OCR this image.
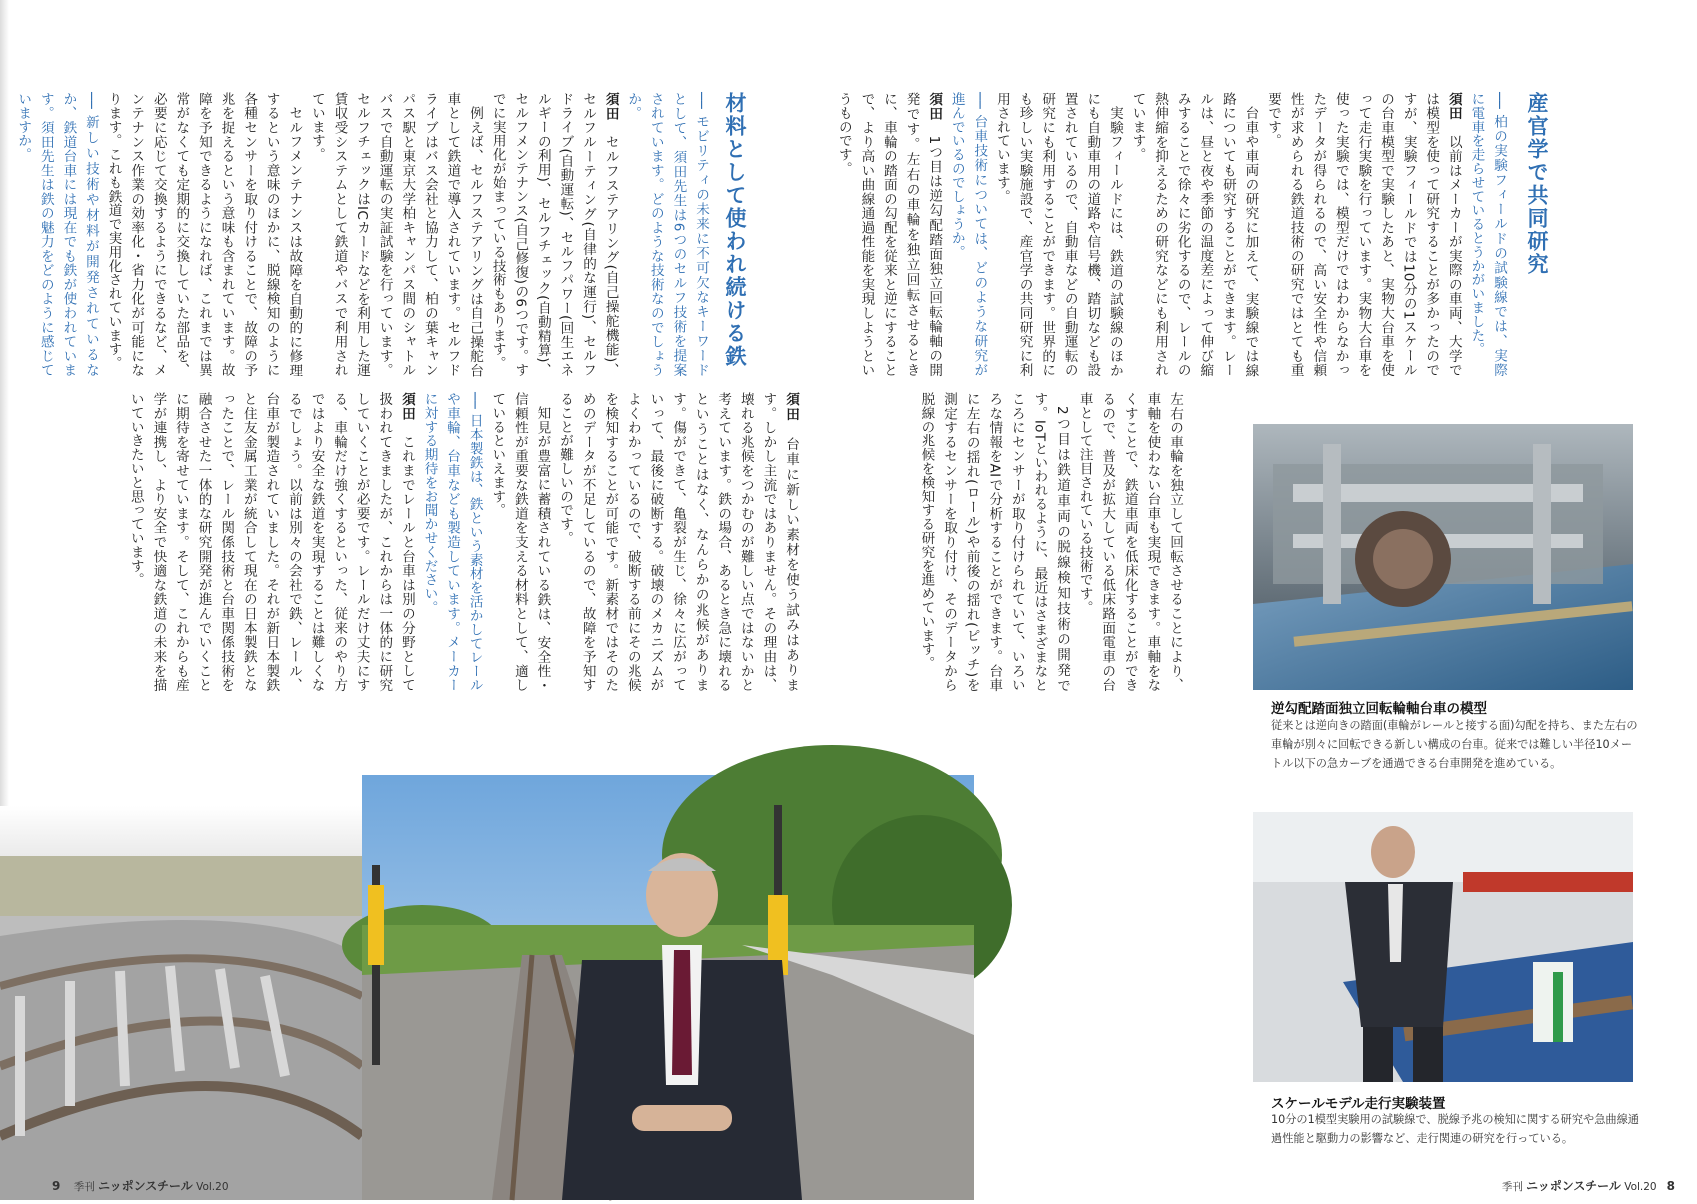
産官学で共同研究
材料として使われ続ける鉄	── 柏の実験フィールドの試験線では、実際に電車を走らせているとうかがいました。

須田　以前はメーカーが実際の車両、大学では模型を使って研究することが多かったのですが、実験フィールドでは10分の1スケールの台車模型で実験したあと、実物大台車を使って走行実験を行っています。実物大台車を使った実験では、模型だけではわからなかったデータが得られるので、高い安全性や信頼性が求められる鉄道技術の研究ではとても重要です。

台車や車両の研究に加えて、実験線では線路についても研究することができます。レールは、昼と夜や季節の温度差によって伸び縮みすることで徐々に劣化するので、レールの熱伸縮を抑えるための研究などにも利用されています。

実験フィールドには、鉄道の試験線のほかにも自動車用の道路や信号機、踏切なども設置されているので、自動車などの自動運転の研究にも利用することができます。世界的にも珍しい実験施設で、産官学の共同研究に利用されています。

── 台車技術については、どのような研究が進んでいるのでしょうか。

須田　1つ目は逆勾配踏面独立回転輪軸の開発です。左右の車輪を独立回転させるときに、車輪の踏面の勾配を従来と逆にすることで、より高い曲線通過性能を実現しようというものです。

左右の車輪を独立して回転させることにより、車軸を使わない台車も実現できます。車軸をなくすことで、鉄道車両を低床化することができるので、普及が拡大している低床路面電車の台車として注目されている技術です。

2つ目は鉄道車両の脱線検知技術の開発です。IoTといわれるように、最近はさまざまなところにセンサーが取り付けられていて、いろいろな情報をAIで分析することができます。台車に左右の揺れ(ロール)や前後の揺れ(ピッチ)を測定するセンサーを取り付け、そのデータから脱線の兆候を検知する研究を進めています。

── モビリティの未来に不可欠なキーワードとして、須田先生は6つのセルフ技術を提案されています。どのような技術なのでしょうか。

須田　セルフステアリング(自己操舵機能)、セルフルーティング(自律的な運行)、セルフドライブ(自動運転)、セルフパワー(回生エネルギーの利用)、セルフチェック(自動精算)、セルフメンテナンス(自己修復)の6つです。すでに実用化が始まっている技術もあります。

例えば、セルフステアリングは自己操舵台車として鉄道で導入されています。セルフドライブはバス会社と協力して、柏の葉キャンパス駅と東京大学柏キャンパス間のシャトルバスで自動運転の実証試験を行っています。セルフチェックはICカードなどを利用した運賃収受システムとして鉄道やバスで利用されています。

セルフメンテナンスは故障を自動的に修理するという意味のほかに、脱線検知のように各種センサーを取り付けることで、故障の予兆を捉えるという意味も含まれています。故障を予知できるようになれば、これまでは異常がなくても定期的に交換していた部品を、必要に応じて交換するようにできるなど、メンテナンス作業の効率化・省力化が可能になります。これも鉄道で実用化されています。

── 新しい技術や材料が開発されているなか、鉄道台車には現在でも鉄が使われています。須田先生は鉄の魅力をどのように感じていますか。

須田　台車に新しい素材を使う試みはあります。しかし主流ではありません。その理由は、壊れる兆候をつかむのが難しい点ではないかと考えています。鉄の場合、あるとき急に壊れるということはなく、なんらかの兆候があります。傷ができて、亀裂が生じ、徐々に広がっていって、最後に破断する。破壊のメカニズムがよくわかっているので、破断する前にその兆候を検知することが可能です。新素材ではそのためのデータが不足しているので、故障を予知することが難しいのです。

知見が豊富に蓄積されている鉄は、安全性・信頼性が重要な鉄道を支える材料として、適しているといえます。

── 日本製鉄は、鉄という素材を活かしてレールや車輪、台車なども製造しています。メーカーに対する期待をお聞かせください。

須田　これまでレールと台車は別の分野として扱われてきましたが、これからは一体的に研究していくことが必要です。レールだけ丈夫にする、車輪だけ強くするといった、従来のやり方ではより安全な鉄道を実現することは難しくなるでしょう。以前は別々の会社で鉄、レール、台車が製造されていました。それが新日本製鉄と住友金属工業が統合して現在の日本製鉄となったことで、レール関係技術と台車関係技術を融合させた一体的な研究開発が進んでいくことに期待を寄せています。そして、これからも産学が連携し、より安全で快適な鉄道の未来を描いていきたいと思っています。

逆勾配踏面独立回転輪軸台車の模型
従来とは逆向きの踏面(車輪がレールと接する面)勾配を持ち、また左右の車輪が別々に回転できる新しい構成の台車。従来では難しい半径10メートル以下の急カーブを通過できる台車開発を進めている。
スケールモデル走行実験装置
10分の1模型実験用の試験線で、脱線予兆の検知に関する研究や急曲線通過性能と駆動力の影響など、走行関連の研究を行っている。
9 季刊 ニッポンスチール Vol.20	季刊 ニッポンスチール Vol.20 8
